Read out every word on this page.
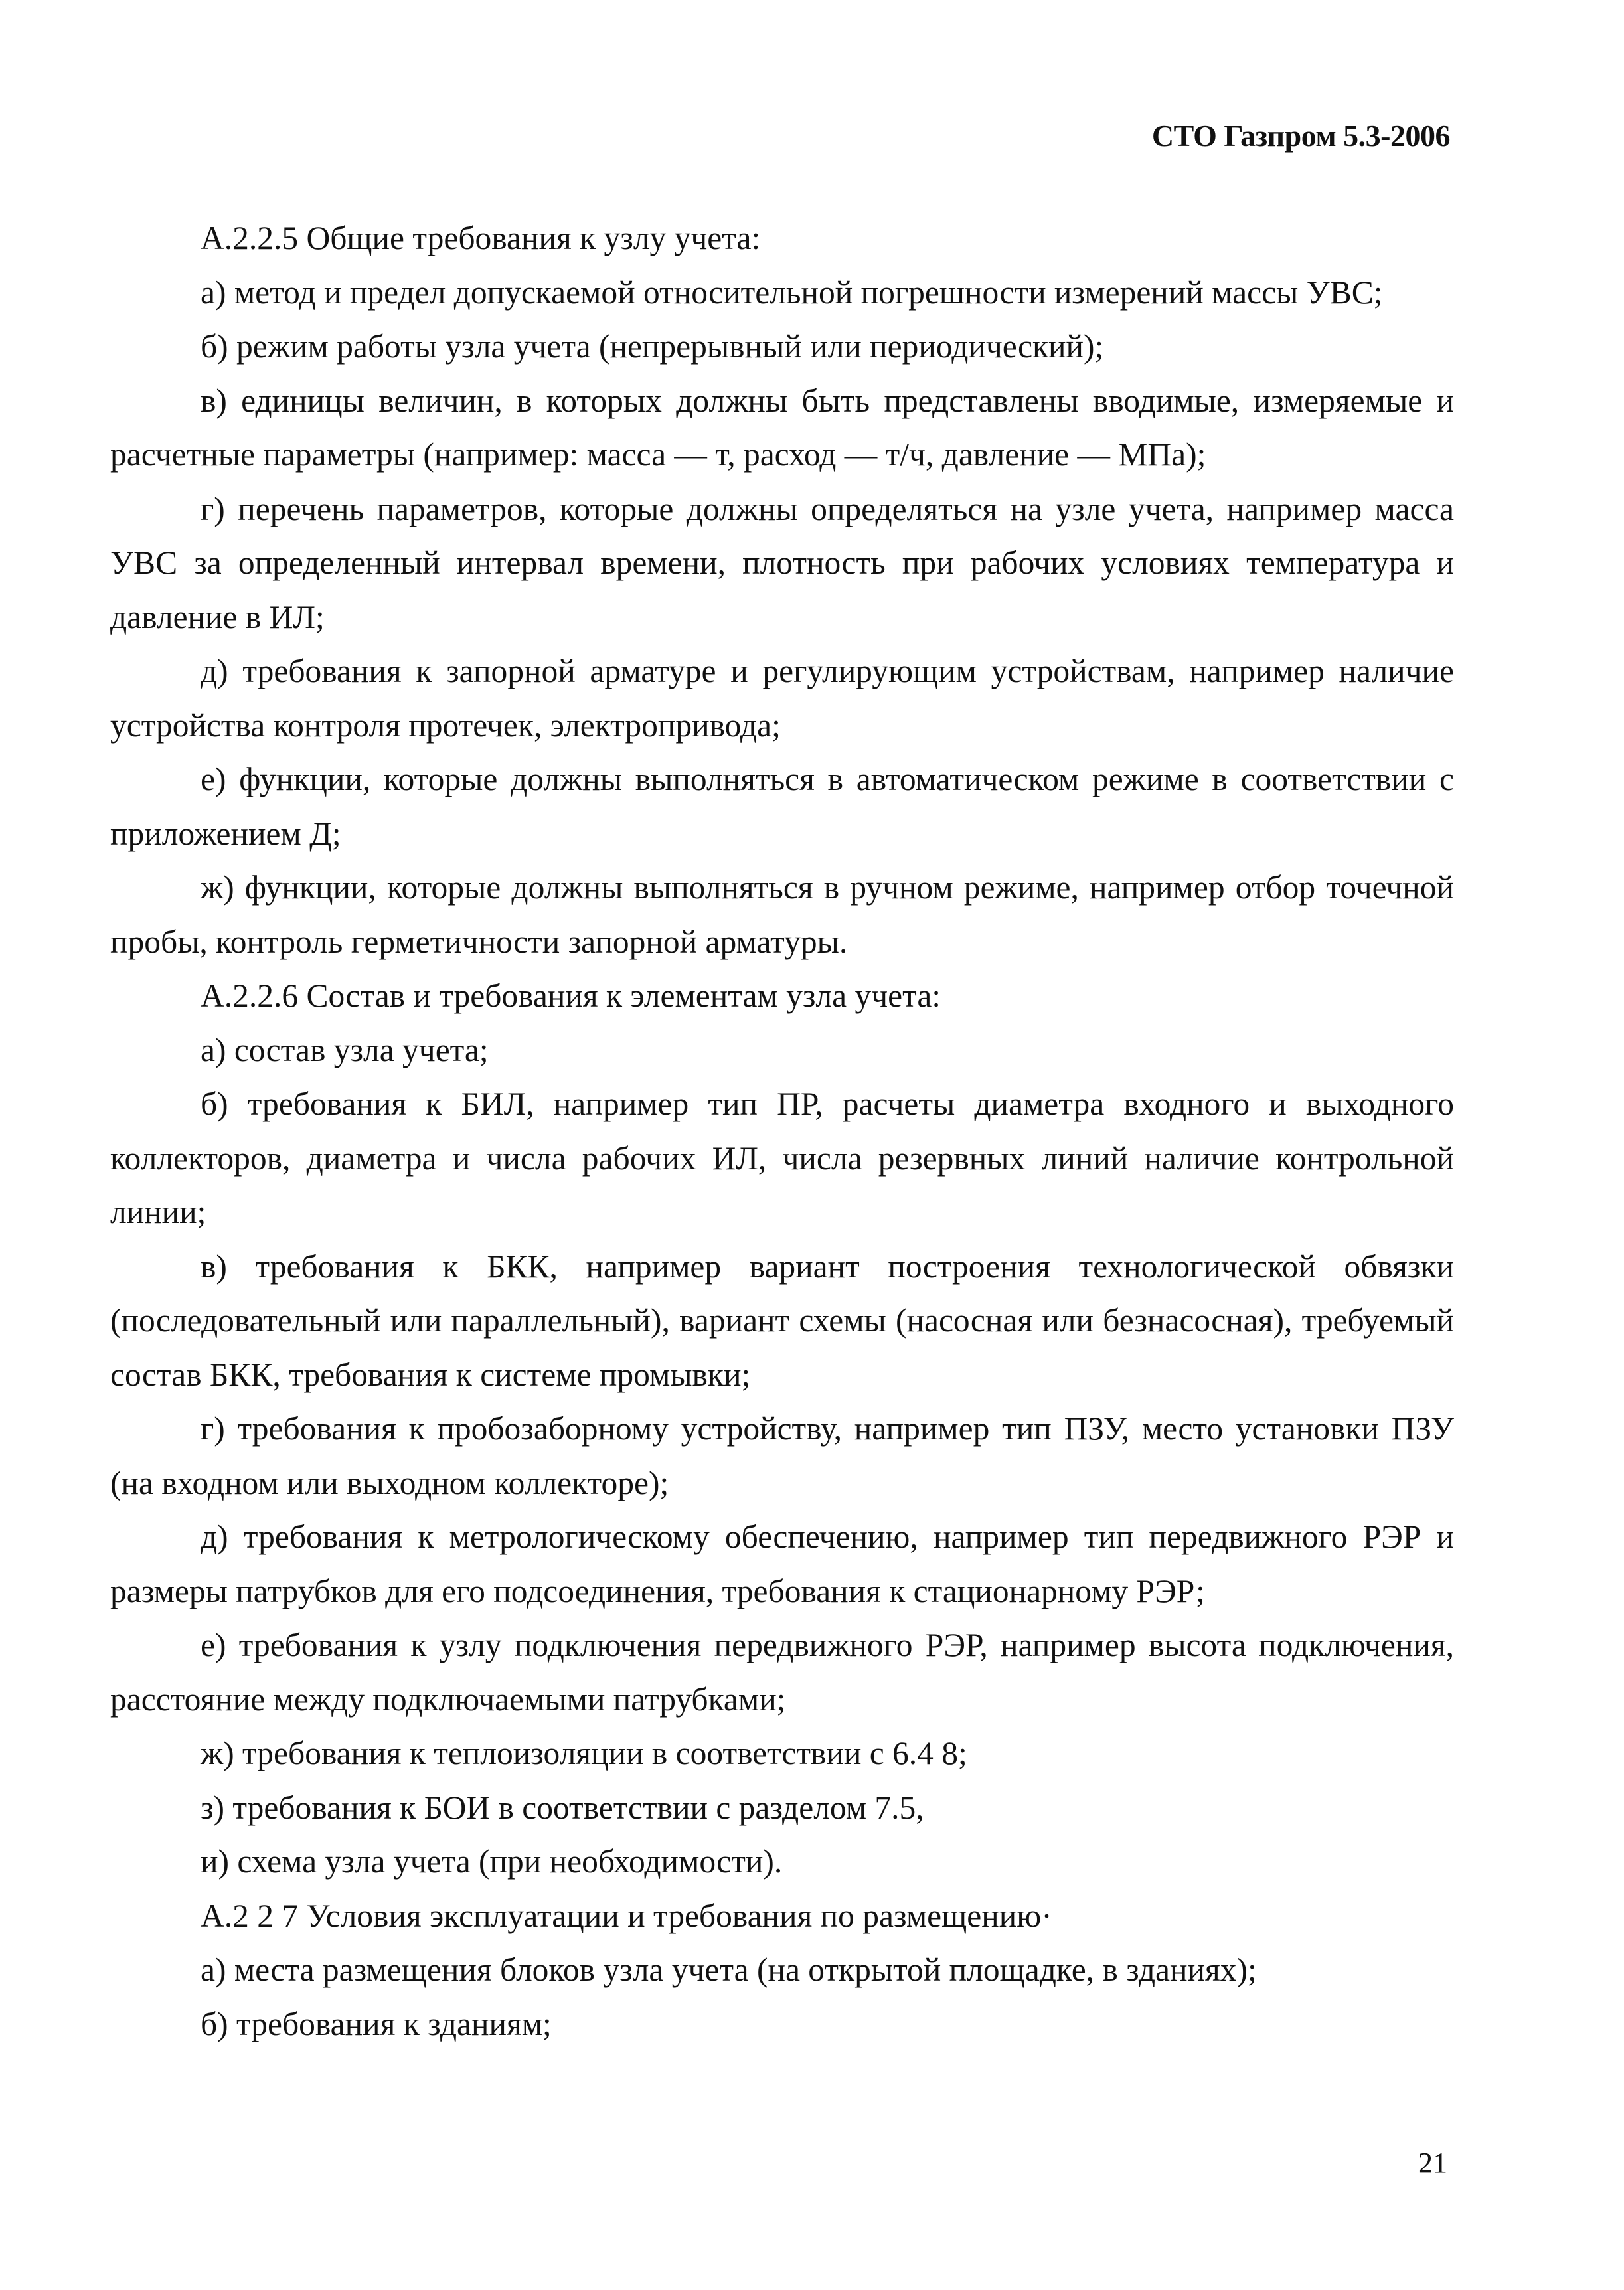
СТО Газпром 5.3-2006

А.2.2.5 Общие требования к узлу учета:

а) метод и предел допускаемой относительной погрешности измерений массы УВС;

б) режим работы узла учета (непрерывный или периодический);

в) единицы величин, в которых должны быть представлены вводимые, измеряемые и расчетные параметры (например: масса — т, расход — т/ч, давление — МПа);

г) перечень параметров, которые должны определяться на узле учета, например масса УВС за определенный интервал времени, плотность при рабочих условиях температура и давление в ИЛ;

д) требования к запорной арматуре и регулирующим устройствам, например наличие устройства контроля протечек, электропривода;

е) функции, которые должны выполняться в автоматическом режиме в соответствии с приложением Д;

ж) функции, которые должны выполняться в ручном режиме, например отбор точечной пробы, контроль герметичности запорной арматуры.

А.2.2.6 Состав и требования к элементам узла учета:

а) состав узла учета;

б) требования к БИЛ, например тип ПР, расчеты диаметра входного и выходного коллекторов, диаметра и числа рабочих ИЛ, числа резервных линий наличие контрольной линии;

в) требования к БКК, например вариант построения технологической обвязки (последовательный или параллельный), вариант схемы (насосная или безнасосная), требуемый состав БКК, требования к системе промывки;

г) требования к пробозаборному устройству, например тип ПЗУ, место установки ПЗУ (на входном или выходном коллекторе);

д) требования к метрологическому обеспечению, например тип передвижного РЭР и размеры патрубков для его подсоединения, требования к стационарному РЭР;

е) требования к узлу подключения передвижного РЭР, например высота подключения, расстояние между подключаемыми патрубками;

ж) требования к теплоизоляции в соответствии с 6.4 8;

з) требования к БОИ в соответствии с разделом 7.5,

и) схема узла учета (при необходимости).

А.2 2 7 Условия эксплуатации и требования по размещению·

а) места размещения блоков узла учета (на открытой площадке, в зданиях);

б) требования к зданиям;

21
